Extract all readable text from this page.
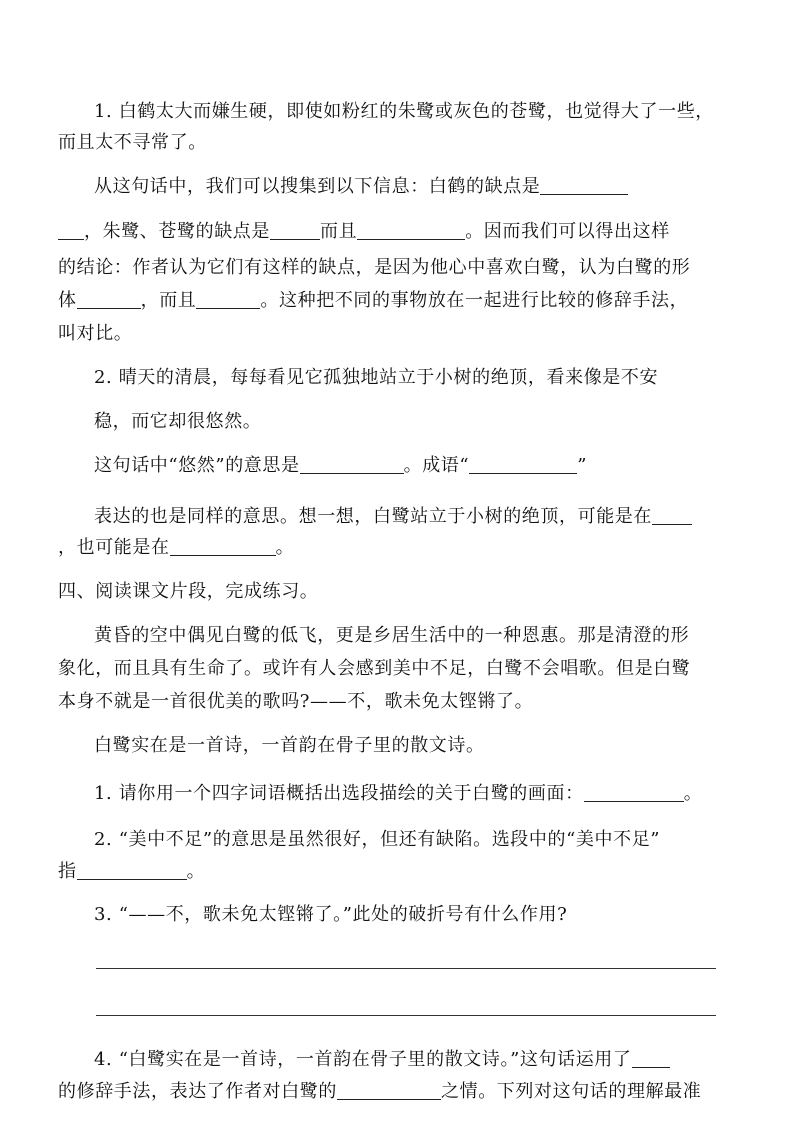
1. 白鹤太大而嫌生硬，即使如粉红的朱鹭或灰色的苍鹭，也觉得大了一些，
而且太不寻常了。
从这句话中，我们可以搜集到以下信息：白鹤的缺点是
，朱鹭、苍鹭的缺点是	而且	。因而我们可以得出这样
的结论：作者认为它们有这样的缺点，是因为他心中喜欢白鹭，认为白鹭的形
体	，而且	。这种把不同的事物放在一起进行比较的修辞手法，
叫对比。
2. 晴天的清晨，每每看见它孤独地站立于小树的绝顶，看来像是不安
稳，而它却很悠然。
这句话中“悠然”的意思是	。成语“	”
表达的也是同样的意思。想一想，白鹭站立于小树的绝顶，可能是在
，也可能是在	。
四、阅读课文片段，完成练习。
黄昏的空中偶见白鹭的低飞，更是乡居生活中的一种恩惠。那是清澄的形
象化，而且具有生命了。或许有人会感到美中不足，白鹭不会唱歌。但是白鹭
本身不就是一首很优美的歌吗?——不，歌未免太铿锵了。
白鹭实在是一首诗，一首韵在骨子里的散文诗。
1. 请你用一个四字词语概括出选段描绘的关于白鹭的画面：	。
2. “美中不足”的意思是虽然很好，但还有缺陷。选段中的“美中不足”
指	。
3. “——不，歌未免太铿锵了。”此处的破折号有什么作用?
4. “白鹭实在是一首诗，一首韵在骨子里的散文诗。”这句话运用了
的修辞手法，表达了作者对白鹭的	之情。下列对这句话的理解最准
